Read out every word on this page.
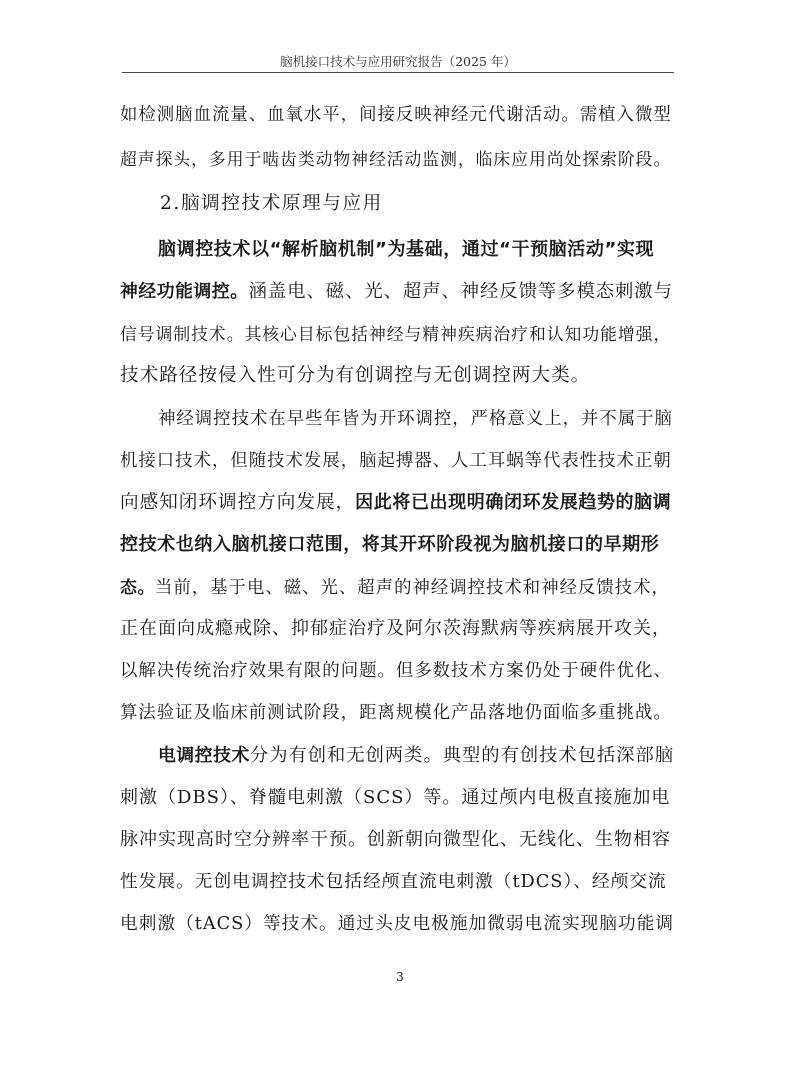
脑机接口技术与应用研究报告（2025 年）
如检测脑血流量、血氧水平，间接反映神经元代谢活动。需植入微型
超声探头，多用于啮齿类动物神经活动监测，临床应用尚处探索阶段。
2.脑调控技术原理与应用
脑调控技术以“解析脑机制”为基础，通过“干预脑活动”实现
神经功能调控。涵盖电、磁、光、超声、神经反馈等多模态刺激与
信号调制技术。其核心目标包括神经与精神疾病治疗和认知功能增强，
技术路径按侵入性可分为有创调控与无创调控两大类。
神经调控技术在早些年皆为开环调控，严格意义上，并不属于脑
机接口技术，但随技术发展，脑起搏器、人工耳蜗等代表性技术正朝
向感知闭环调控方向发展，因此将已出现明确闭环发展趋势的脑调
控技术也纳入脑机接口范围，将其开环阶段视为脑机接口的早期形
态。当前，基于电、磁、光、超声的神经调控技术和神经反馈技术，
正在面向成瘾戒除、抑郁症治疗及阿尔茨海默病等疾病展开攻关，
以解决传统治疗效果有限的问题。但多数技术方案仍处于硬件优化、
算法验证及临床前测试阶段，距离规模化产品落地仍面临多重挑战。
电调控技术分为有创和无创两类。典型的有创技术包括深部脑
刺激（DBS）、脊髓电刺激（SCS）等。通过颅内电极直接施加电
脉冲实现高时空分辨率干预。创新朝向微型化、无线化、生物相容
性发展。无创电调控技术包括经颅直流电刺激（tDCS）、经颅交流
电刺激（tACS）等技术。通过头皮电极施加微弱电流实现脑功能调
3
